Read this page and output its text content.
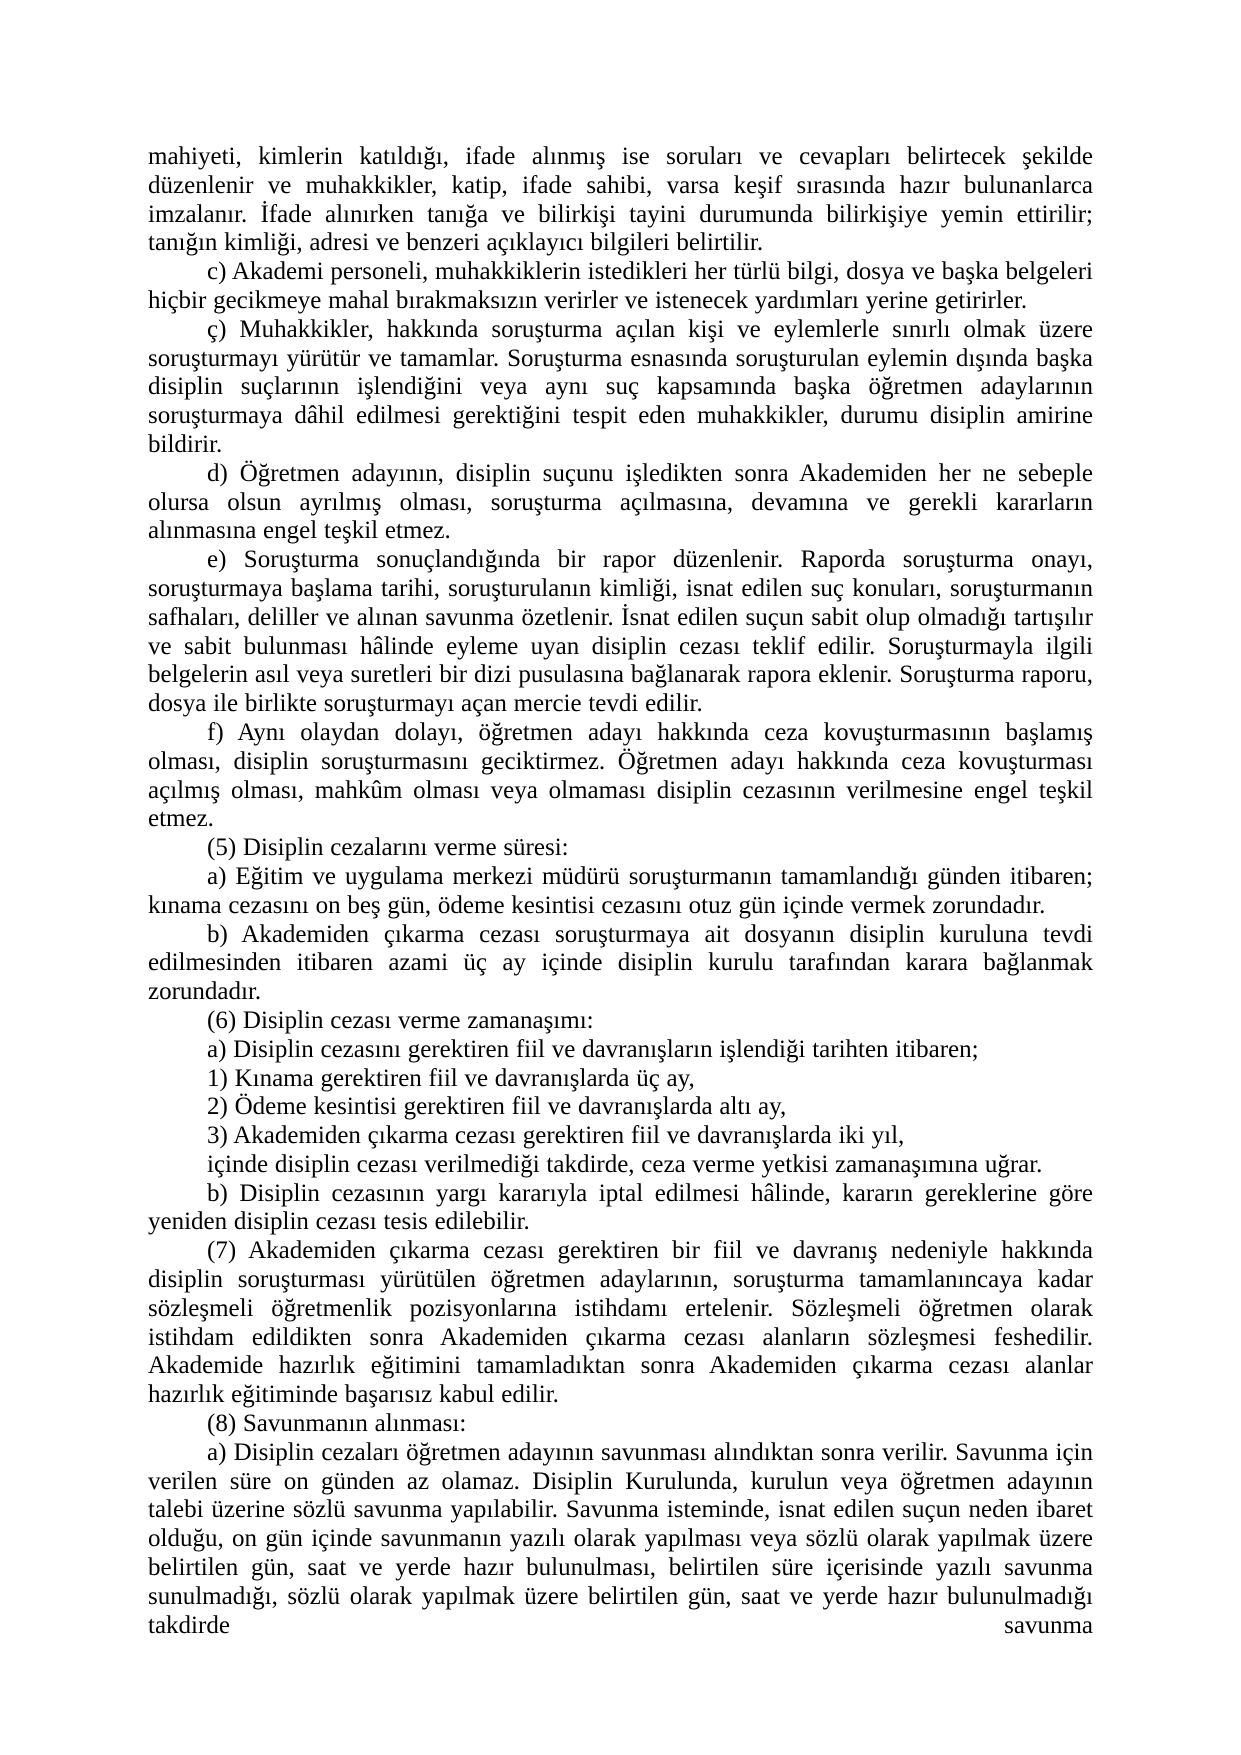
mahiyeti, kimlerin katıldığı, ifade alınmış ise soruları ve cevapları belirtecek şekilde düzenlenir ve muhakkikler, katip, ifade sahibi, varsa keşif sırasında hazır bulunanlarca imzalanır. İfade alınırken tanığa ve bilirkişi tayini durumunda bilirkişiye yemin ettirilir; tanığın kimliği, adresi ve benzeri açıklayıcı bilgileri belirtilir.

c) Akademi personeli, muhakkiklerin istedikleri her türlü bilgi, dosya ve başka belgeleri hiçbir gecikmeye mahal bırakmaksızın verirler ve istenecek yardımları yerine getirirler.

ç) Muhakkikler, hakkında soruşturma açılan kişi ve eylemlerle sınırlı olmak üzere soruşturmayı yürütür ve tamamlar. Soruşturma esnasında soruşturulan eylemin dışında başka disiplin suçlarının işlendiğini veya aynı suç kapsamında başka öğretmen adaylarının soruşturmaya dâhil edilmesi gerektiğini tespit eden muhakkikler, durumu disiplin amirine bildirir.

d) Öğretmen adayının, disiplin suçunu işledikten sonra Akademiden her ne sebeple olursa olsun ayrılmış olması, soruşturma açılmasına, devamına ve gerekli kararların alınmasına engel teşkil etmez.

e) Soruşturma sonuçlandığında bir rapor düzenlenir. Raporda soruşturma onayı, soruşturmaya başlama tarihi, soruşturulanın kimliği, isnat edilen suç konuları, soruşturmanın safhaları, deliller ve alınan savunma özetlenir. İsnat edilen suçun sabit olup olmadığı tartışılır ve sabit bulunması hâlinde eyleme uyan disiplin cezası teklif edilir. Soruşturmayla ilgili belgelerin asıl veya suretleri bir dizi pusulasına bağlanarak rapora eklenir. Soruşturma raporu, dosya ile birlikte soruşturmayı açan mercie tevdi edilir.

f) Aynı olaydan dolayı, öğretmen adayı hakkında ceza kovuşturmasının başlamış olması, disiplin soruşturmasını geciktirmez. Öğretmen adayı hakkında ceza kovuşturması açılmış olması, mahkûm olması veya olmaması disiplin cezasının verilmesine engel teşkil etmez.

(5) Disiplin cezalarını verme süresi:

a) Eğitim ve uygulama merkezi müdürü soruşturmanın tamamlandığı günden itibaren; kınama cezasını on beş gün, ödeme kesintisi cezasını otuz gün içinde vermek zorundadır.

b) Akademiden çıkarma cezası soruşturmaya ait dosyanın disiplin kuruluna tevdi edilmesinden itibaren azami üç ay içinde disiplin kurulu tarafından karara bağlanmak zorundadır.

(6) Disiplin cezası verme zamanaşımı:

a) Disiplin cezasını gerektiren fiil ve davranışların işlendiği tarihten itibaren;

1) Kınama gerektiren fiil ve davranışlarda üç ay,

2) Ödeme kesintisi gerektiren fiil ve davranışlarda altı ay,

3) Akademiden çıkarma cezası gerektiren fiil ve davranışlarda iki yıl,

içinde disiplin cezası verilmediği takdirde, ceza verme yetkisi zamanaşımına uğrar.

b) Disiplin cezasının yargı kararıyla iptal edilmesi hâlinde, kararın gereklerine göre yeniden disiplin cezası tesis edilebilir.

(7) Akademiden çıkarma cezası gerektiren bir fiil ve davranış nedeniyle hakkında disiplin soruşturması yürütülen öğretmen adaylarının, soruşturma tamamlanıncaya kadar sözleşmeli öğretmenlik pozisyonlarına istihdamı ertelenir. Sözleşmeli öğretmen olarak istihdam edildikten sonra Akademiden çıkarma cezası alanların sözleşmesi feshedilir. Akademide hazırlık eğitimini tamamladıktan sonra Akademiden çıkarma cezası alanlar hazırlık eğitiminde başarısız kabul edilir.

(8) Savunmanın alınması:

a) Disiplin cezaları öğretmen adayının savunması alındıktan sonra verilir. Savunma için verilen süre on günden az olamaz. Disiplin Kurulunda, kurulun veya öğretmen adayının talebi üzerine sözlü savunma yapılabilir. Savunma isteminde, isnat edilen suçun neden ibaret olduğu, on gün içinde savunmanın yazılı olarak yapılması veya sözlü olarak yapılmak üzere belirtilen gün, saat ve yerde hazır bulunulması, belirtilen süre içerisinde yazılı savunma sunulmadığı, sözlü olarak yapılmak üzere belirtilen gün, saat ve yerde hazır bulunulmadığı takdirde savunma
